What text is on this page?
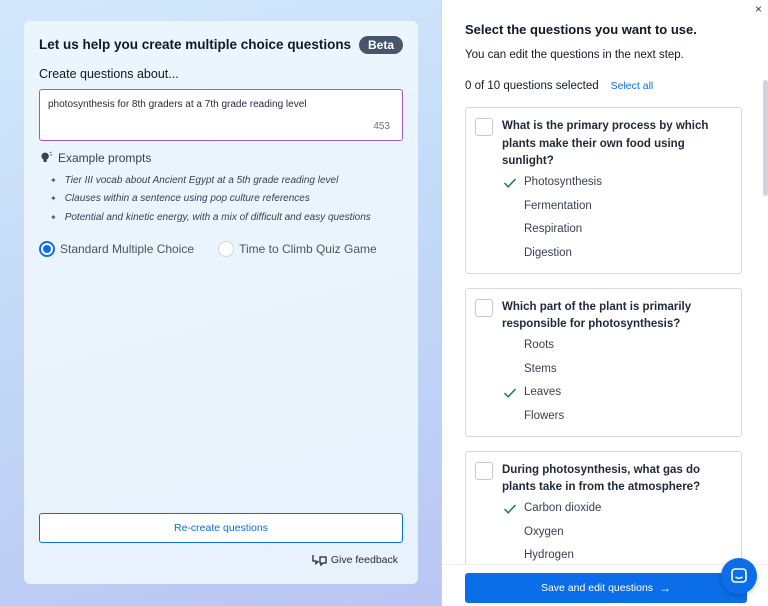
Let us help you create multiple choice questions	Beta
Create questions about...
photosynthesis for 8th graders at a 7th grade reading level
453
Example prompts
✦ Tier III vocab about Ancient Egypt at a 5th grade reading level
✦ Clauses within a sentence using pop culture references
✦ Potential and kinetic energy, with a mix of difficult and easy questions
Standard Multiple Choice	Time to Climb Quiz Game
Re-create questions
Give feedback
×
Select the questions you want to use.
You can edit the questions in the next step.
0 of 10 questions selected Select all
What is the primary process by which plants make their own food using sunlight?
Photosynthesis
Fermentation
Respiration
Digestion
Which part of the plant is primarily responsible for photosynthesis?
Roots
Stems
Leaves
Flowers
During photosynthesis, what gas do plants take in from the atmosphere?
Carbon dioxide
Oxygen
Hydrogen
Save and edit questions →
